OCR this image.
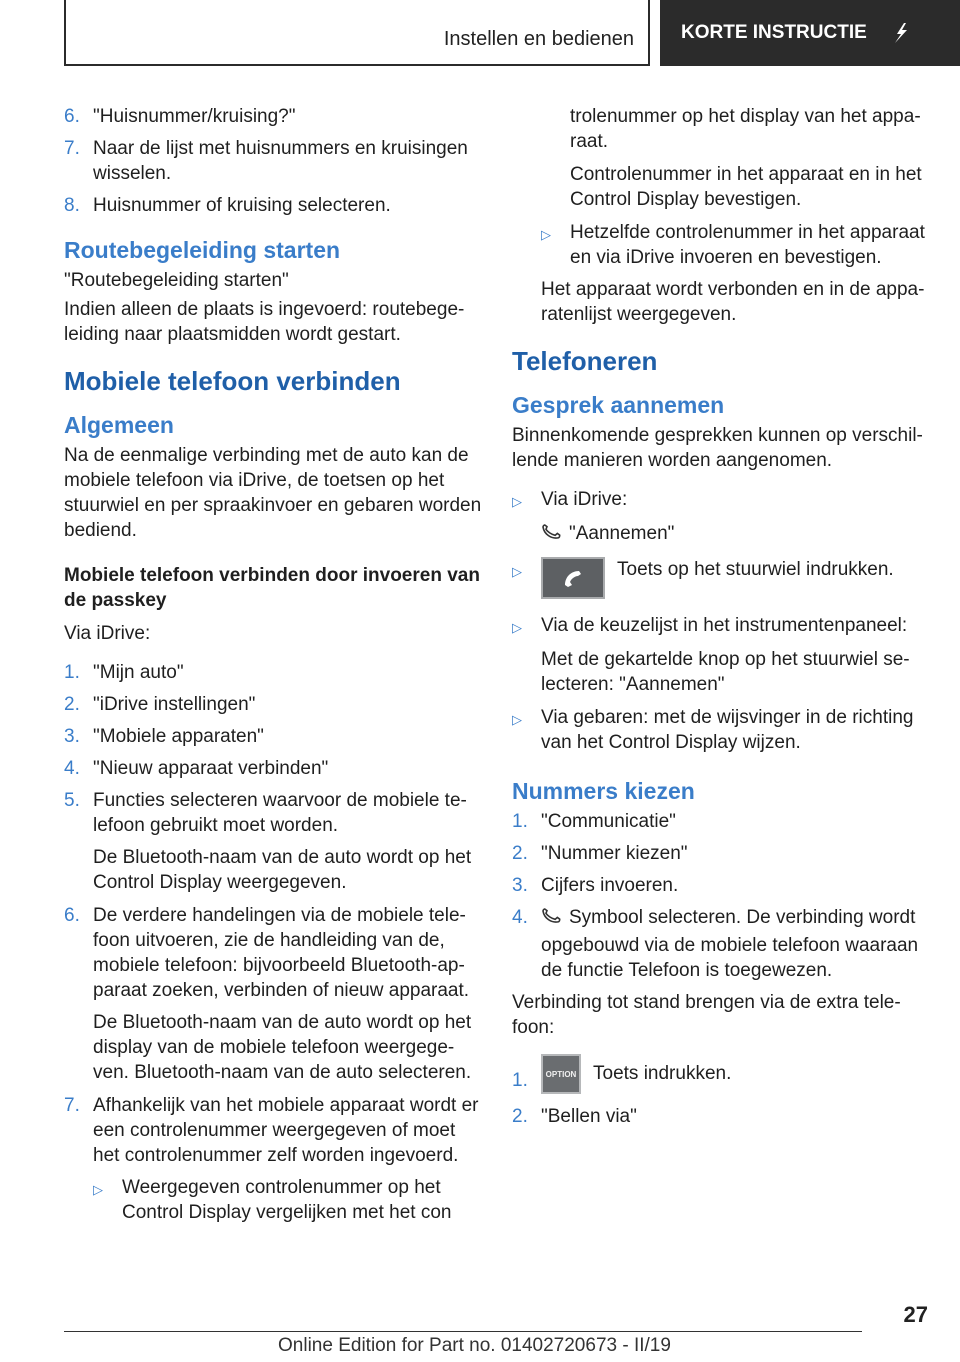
Instellen en bedienen KORTE INSTRUCTIE
6. "Huisnummer/kruising?"
7. Naar de lijst met huisnummers en kruisingen wisselen.
8. Huisnummer of kruising selecteren.
Routebegeleiding starten
"Routebegeleiding starten"
Indien alleen de plaats is ingevoerd: routebegeleiding naar plaatsmidden wordt gestart.
Mobiele telefoon verbinden
Algemeen
Na de eenmalige verbinding met de auto kan de mobiele telefoon via iDrive, de toetsen op het stuurwiel en per spraakinvoer en gebaren worden bediend.
Mobiele telefoon verbinden door invoeren van de passkey
Via iDrive:
1. "Mijn auto"
2. "iDrive instellingen"
3. "Mobiele apparaten"
4. "Nieuw apparaat verbinden"
5. Functies selecteren waarvoor de mobiele telefoon gebruikt moet worden.
De Bluetooth-naam van de auto wordt op het Control Display weergegeven.
6. De verdere handelingen via de mobiele telefoon uitvoeren, zie de handleiding van de, mobiele telefoon: bijvoorbeeld Bluetooth-apparaat zoeken, verbinden of nieuw apparaat.
De Bluetooth-naam van de auto wordt op het display van de mobiele telefoon weergegeven. Bluetooth-naam van de auto selecteren.
7. Afhankelijk van het mobiele apparaat wordt er een controlenummer weergegeven of moet het controlenummer zelf worden ingevoerd.
▷	Weergegeven controlenummer op het Control Display vergelijken met het con
trolenummer op het display van het apparaat.
Controlenummer in het apparaat en in het Control Display bevestigen.
▷	Hetzelfde controlenummer in het apparaat en via iDrive invoeren en bevestigen.
Het apparaat wordt verbonden en in de apparatenlijst weergegeven.
Telefoneren
Gesprek aannemen
Binnenkomende gesprekken kunnen op verschillende manieren worden aangenomen.
▷	Via iDrive:
"Aannemen"
▷	Toets op het stuurwiel indrukken.
▷	Via de keuzelijst in het instrumentenpaneel:
Met de gekartelde knop op het stuurwiel selecteren: "Aannemen"
▷	Via gebaren: met de wijsvinger in de richting van het Control Display wijzen.
Nummers kiezen
1. "Communicatie"
2. "Nummer kiezen"
3. Cijfers invoeren.
4.	Symbool selecteren. De verbinding wordt opgebouwd via de mobiele telefoon waaraan de functie Telefoon is toegewezen.
Verbinding tot stand brengen via de extra telefoon:
1.	OPTION Toets indrukken.
2. "Bellen via"
27
Online Edition for Part no. 01402720673 - II/19
